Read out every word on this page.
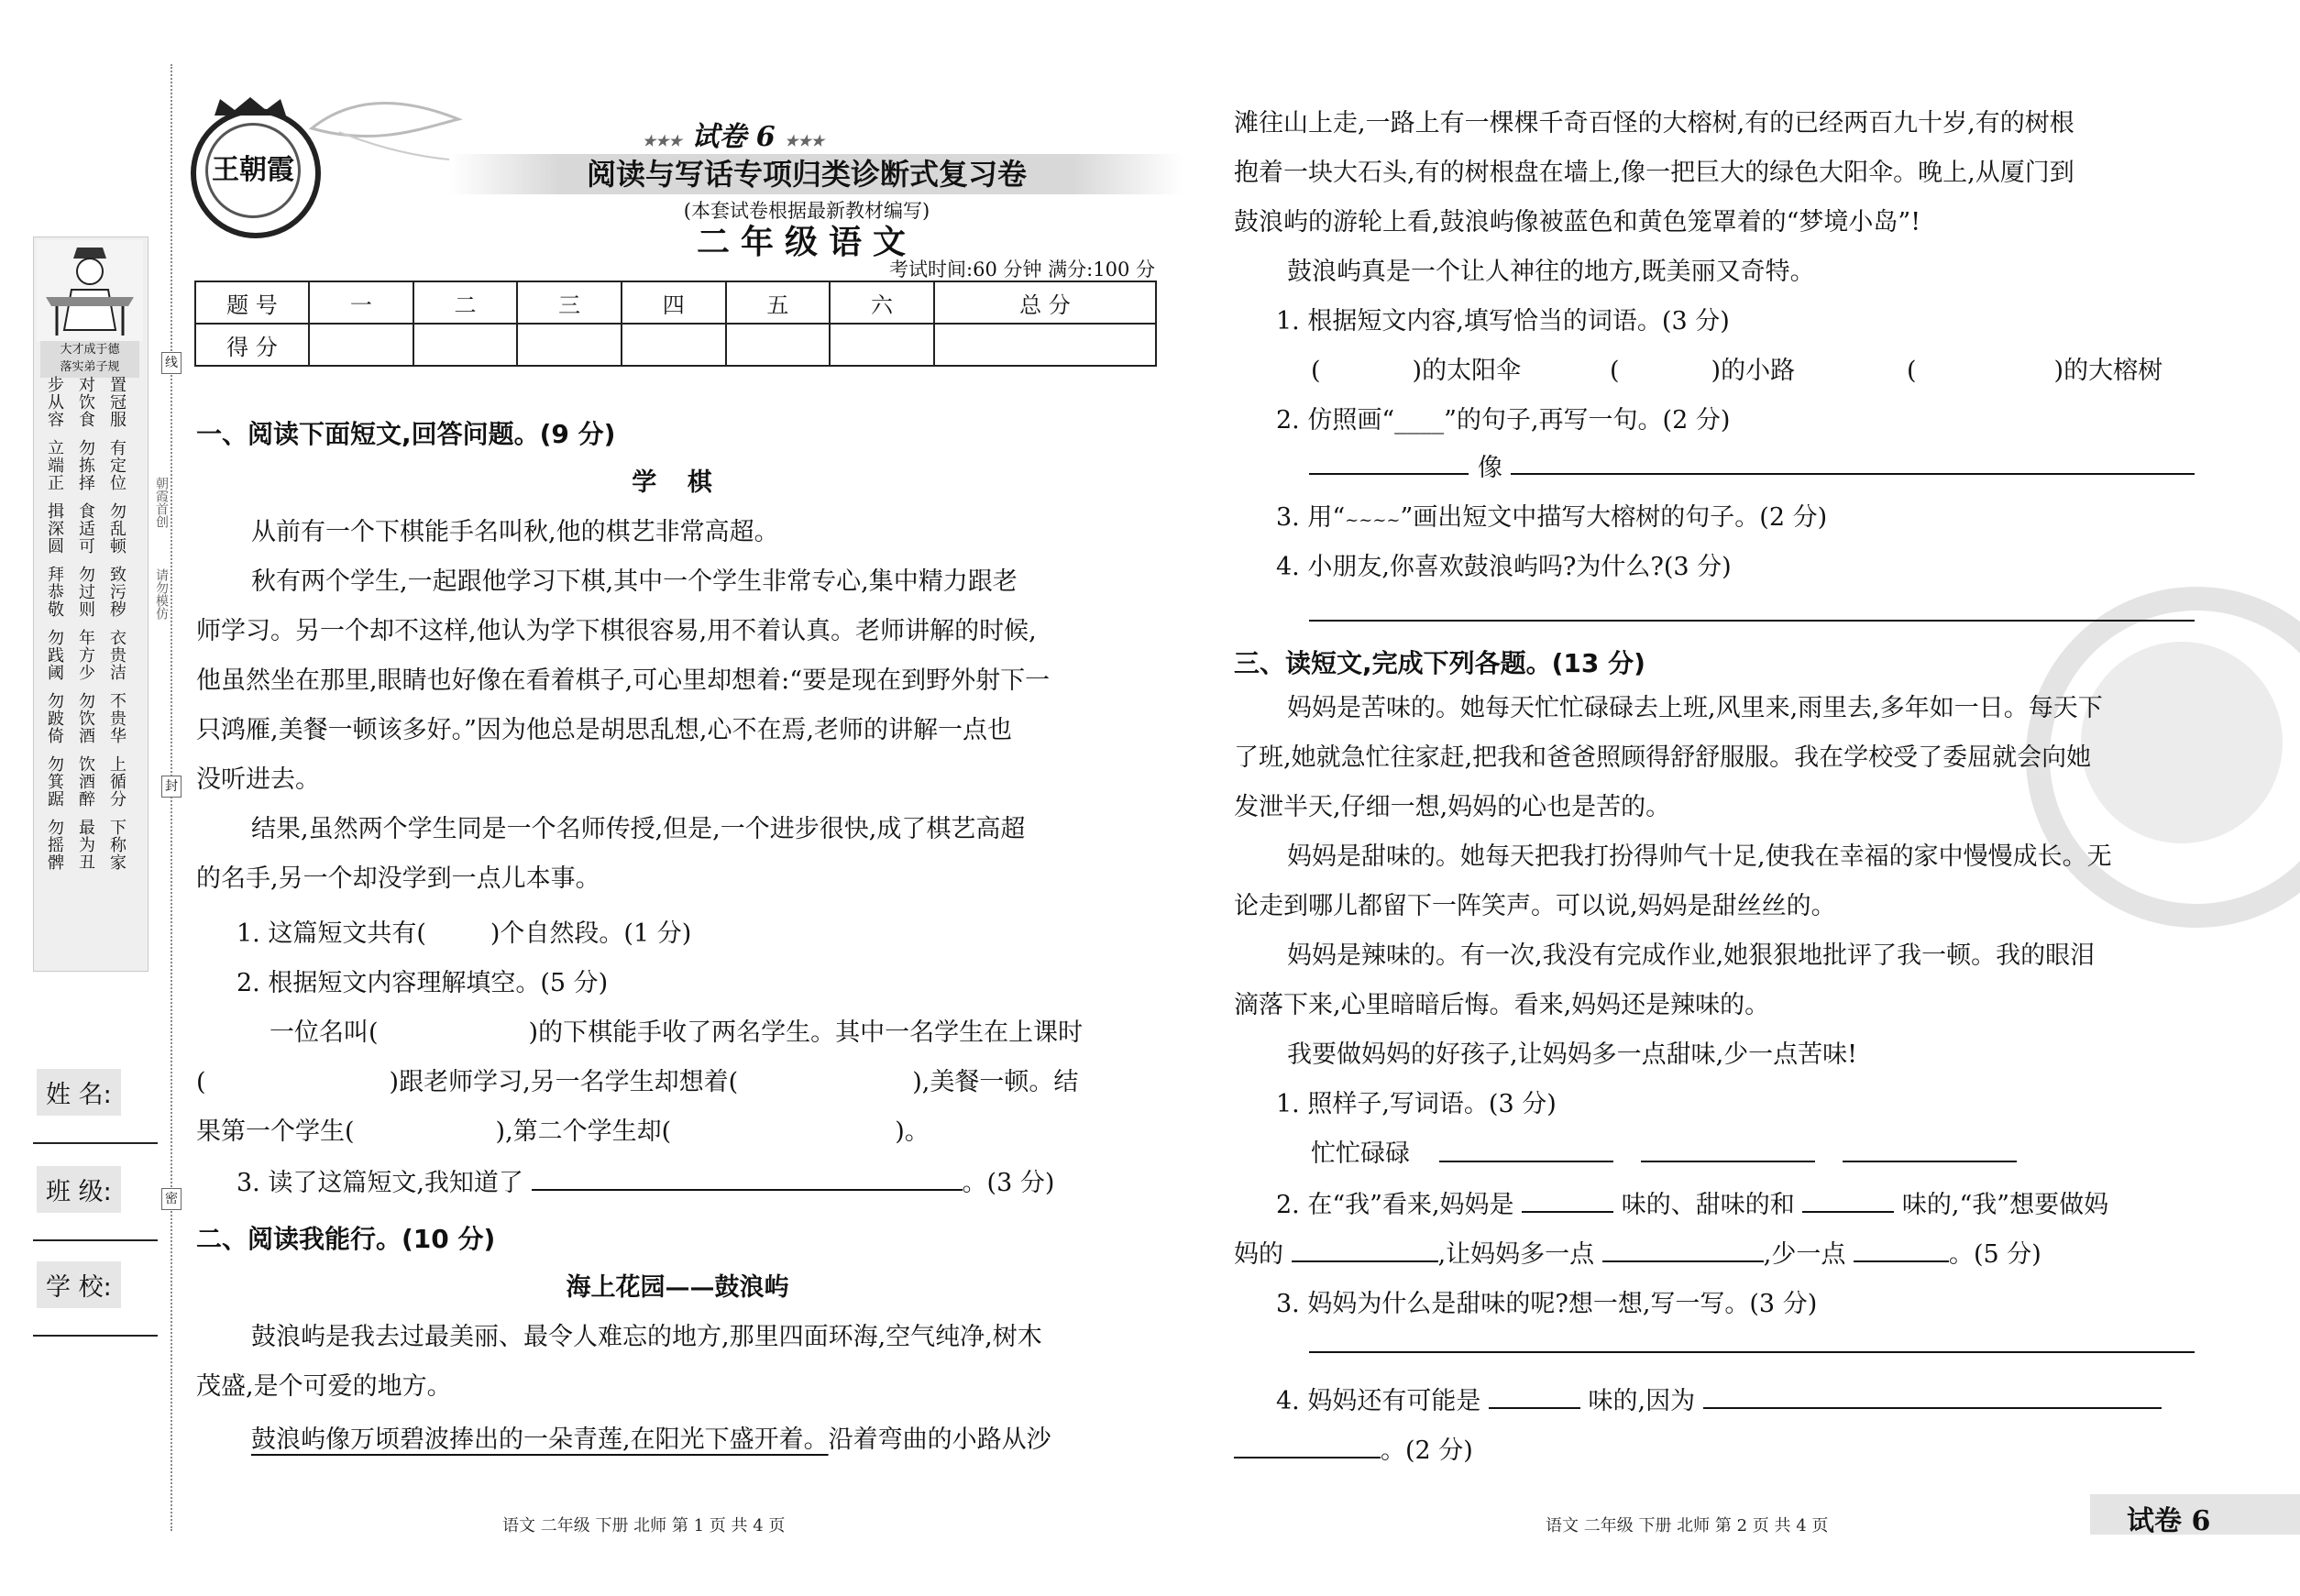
大才成于德
落实弟子规
步从容 对饮食 置冠服
立端正 勿拣择 有定位
揖深圆 食适可 勿乱顿
拜恭敬 勿过则 致污秽
勿践阈 年方少 衣贵洁
勿跛倚 勿饮酒 不贵华
勿箕踞 饮酒醉 上循分
勿摇髀 最为丑 下称家
线
封
密
朝霞首创
请勿模仿
姓 名:
班 级:
学 校:
王朝霞
★★★ 试卷 6 ★★★
阅读与写话专项归类诊断式复习卷
(本套试卷根据最新教材编写)
二年级语文
考试时间:60 分钟 满分:100 分
题 号	一	二	三	四	五	六	总 分
得 分							
一、阅读下面短文,回答问题。(9 分)
学 棋
从前有一个下棋能手名叫秋,他的棋艺非常高超。
秋有两个学生,一起跟他学习下棋,其中一个学生非常专心,集中精力跟老
师学习。另一个却不这样,他认为学下棋很容易,用不着认真。老师讲解的时候,
他虽然坐在那里,眼睛也好像在看着棋子,可心里却想着:“要是现在到野外射下一
只鸿雁,美餐一顿该多好。”因为他总是胡思乱想,心不在焉,老师的讲解一点也
没听进去。
结果,虽然两个学生同是一个名师传授,但是,一个进步很快,成了棋艺高超
的名手,另一个却没学到一点儿本事。
1. 这篇短文共有(	)个自然段。(1 分)
2. 根据短文内容理解填空。(5 分)
一位名叫(	)的下棋能手收了两名学生。其中一名学生在上课时
(	)跟老师学习,另一名学生却想着(	),美餐一顿。结
果第一个学生(	),第二个学生却(	)。
3. 读了这篇短文,我知道了	。(3 分)
二、阅读我能行。(10 分)
海上花园——鼓浪屿
鼓浪屿是我去过最美丽、最令人难忘的地方,那里四面环海,空气纯净,树木
茂盛,是个可爱的地方。
鼓浪屿像万顷碧波捧出的一朵青莲,在阳光下盛开着。沿着弯曲的小路从沙
语文 二年级 下册 北师 第 1 页 共 4 页
滩往山上走,一路上有一棵棵千奇百怪的大榕树,有的已经两百九十岁,有的树根
抱着一块大石头,有的树根盘在墙上,像一把巨大的绿色大阳伞。晚上,从厦门到
鼓浪屿的游轮上看,鼓浪屿像被蓝色和黄色笼罩着的“梦境小岛”!
鼓浪屿真是一个让人神往的地方,既美丽又奇特。
1. 根据短文内容,填写恰当的词语。(3 分)
(	)的太阳伞	(	)的小路	(	)的大榕树
2. 仿照画“____”的句子,再写一句。(2 分)
像
3. 用“~~~~”画出短文中描写大榕树的句子。(2 分)
4. 小朋友,你喜欢鼓浪屿吗?为什么?(3 分)
三、读短文,完成下列各题。(13 分)
妈妈是苦味的。她每天忙忙碌碌去上班,风里来,雨里去,多年如一日。每天下
了班,她就急忙往家赶,把我和爸爸照顾得舒舒服服。我在学校受了委屈就会向她
发泄半天,仔细一想,妈妈的心也是苦的。
妈妈是甜味的。她每天把我打扮得帅气十足,使我在幸福的家中慢慢成长。无
论走到哪儿都留下一阵笑声。可以说,妈妈是甜丝丝的。
妈妈是辣味的。有一次,我没有完成作业,她狠狠地批评了我一顿。我的眼泪
滴落下来,心里暗暗后悔。看来,妈妈还是辣味的。
我要做妈妈的好孩子,让妈妈多一点甜味,少一点苦味!
1. 照样子,写词语。(3 分)
忙忙碌碌
2. 在“我”看来,妈妈是	味的、甜味的和	味的,“我”想要做妈
妈的	,让妈妈多一点	,少一点	。(5 分)
3. 妈妈为什么是甜味的呢?想一想,写一写。(3 分)
4. 妈妈还有可能是	味的,因为
。(2 分)
语文 二年级 下册 北师 第 2 页 共 4 页	试卷 6
